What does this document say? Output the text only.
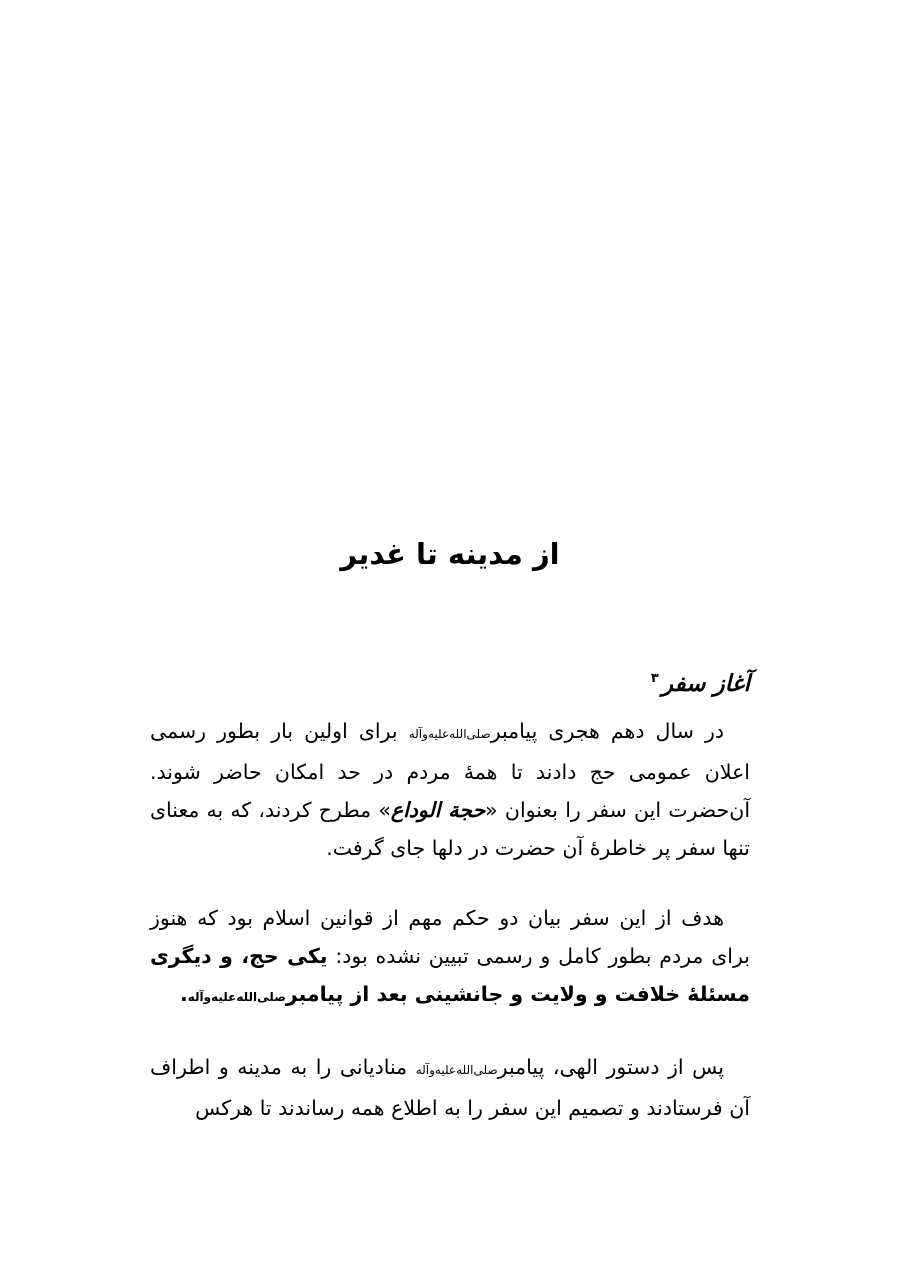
از مدینه تا غدیر
آغاز سفر$^۳$

در سال دهم هجری پیامبرصلی‌الله‌علیه‌وآله برای اولین بار بطور رسمی اعلان عمومی حج دادند تا همهٔ مردم در حد امکان حاضر شوند. آن‌حضرت این سفر را بعنوان «حجة الوداع» مطرح کردند، که به معنای تنها سفر پر خاطرهٔ آن حضرت در دلها جای گرفت.

هدف از این سفر بیان دو حکم مهم از قوانین اسلام بود که هنوز برای مردم بطور کامل و رسمی تبیین نشده بود: یکی حج، و دیگری مسئلهٔ خلافت و ولایت و جانشینی بعد از پیامبرصلی‌الله‌علیه‌وآله.

پس از دستور الهی، پیامبرصلی‌الله‌علیه‌وآله منادیانی را به مدینه و اطراف آن فرستادند و تصمیم این سفر را به اطلاع همه رساندند تا هرکس
